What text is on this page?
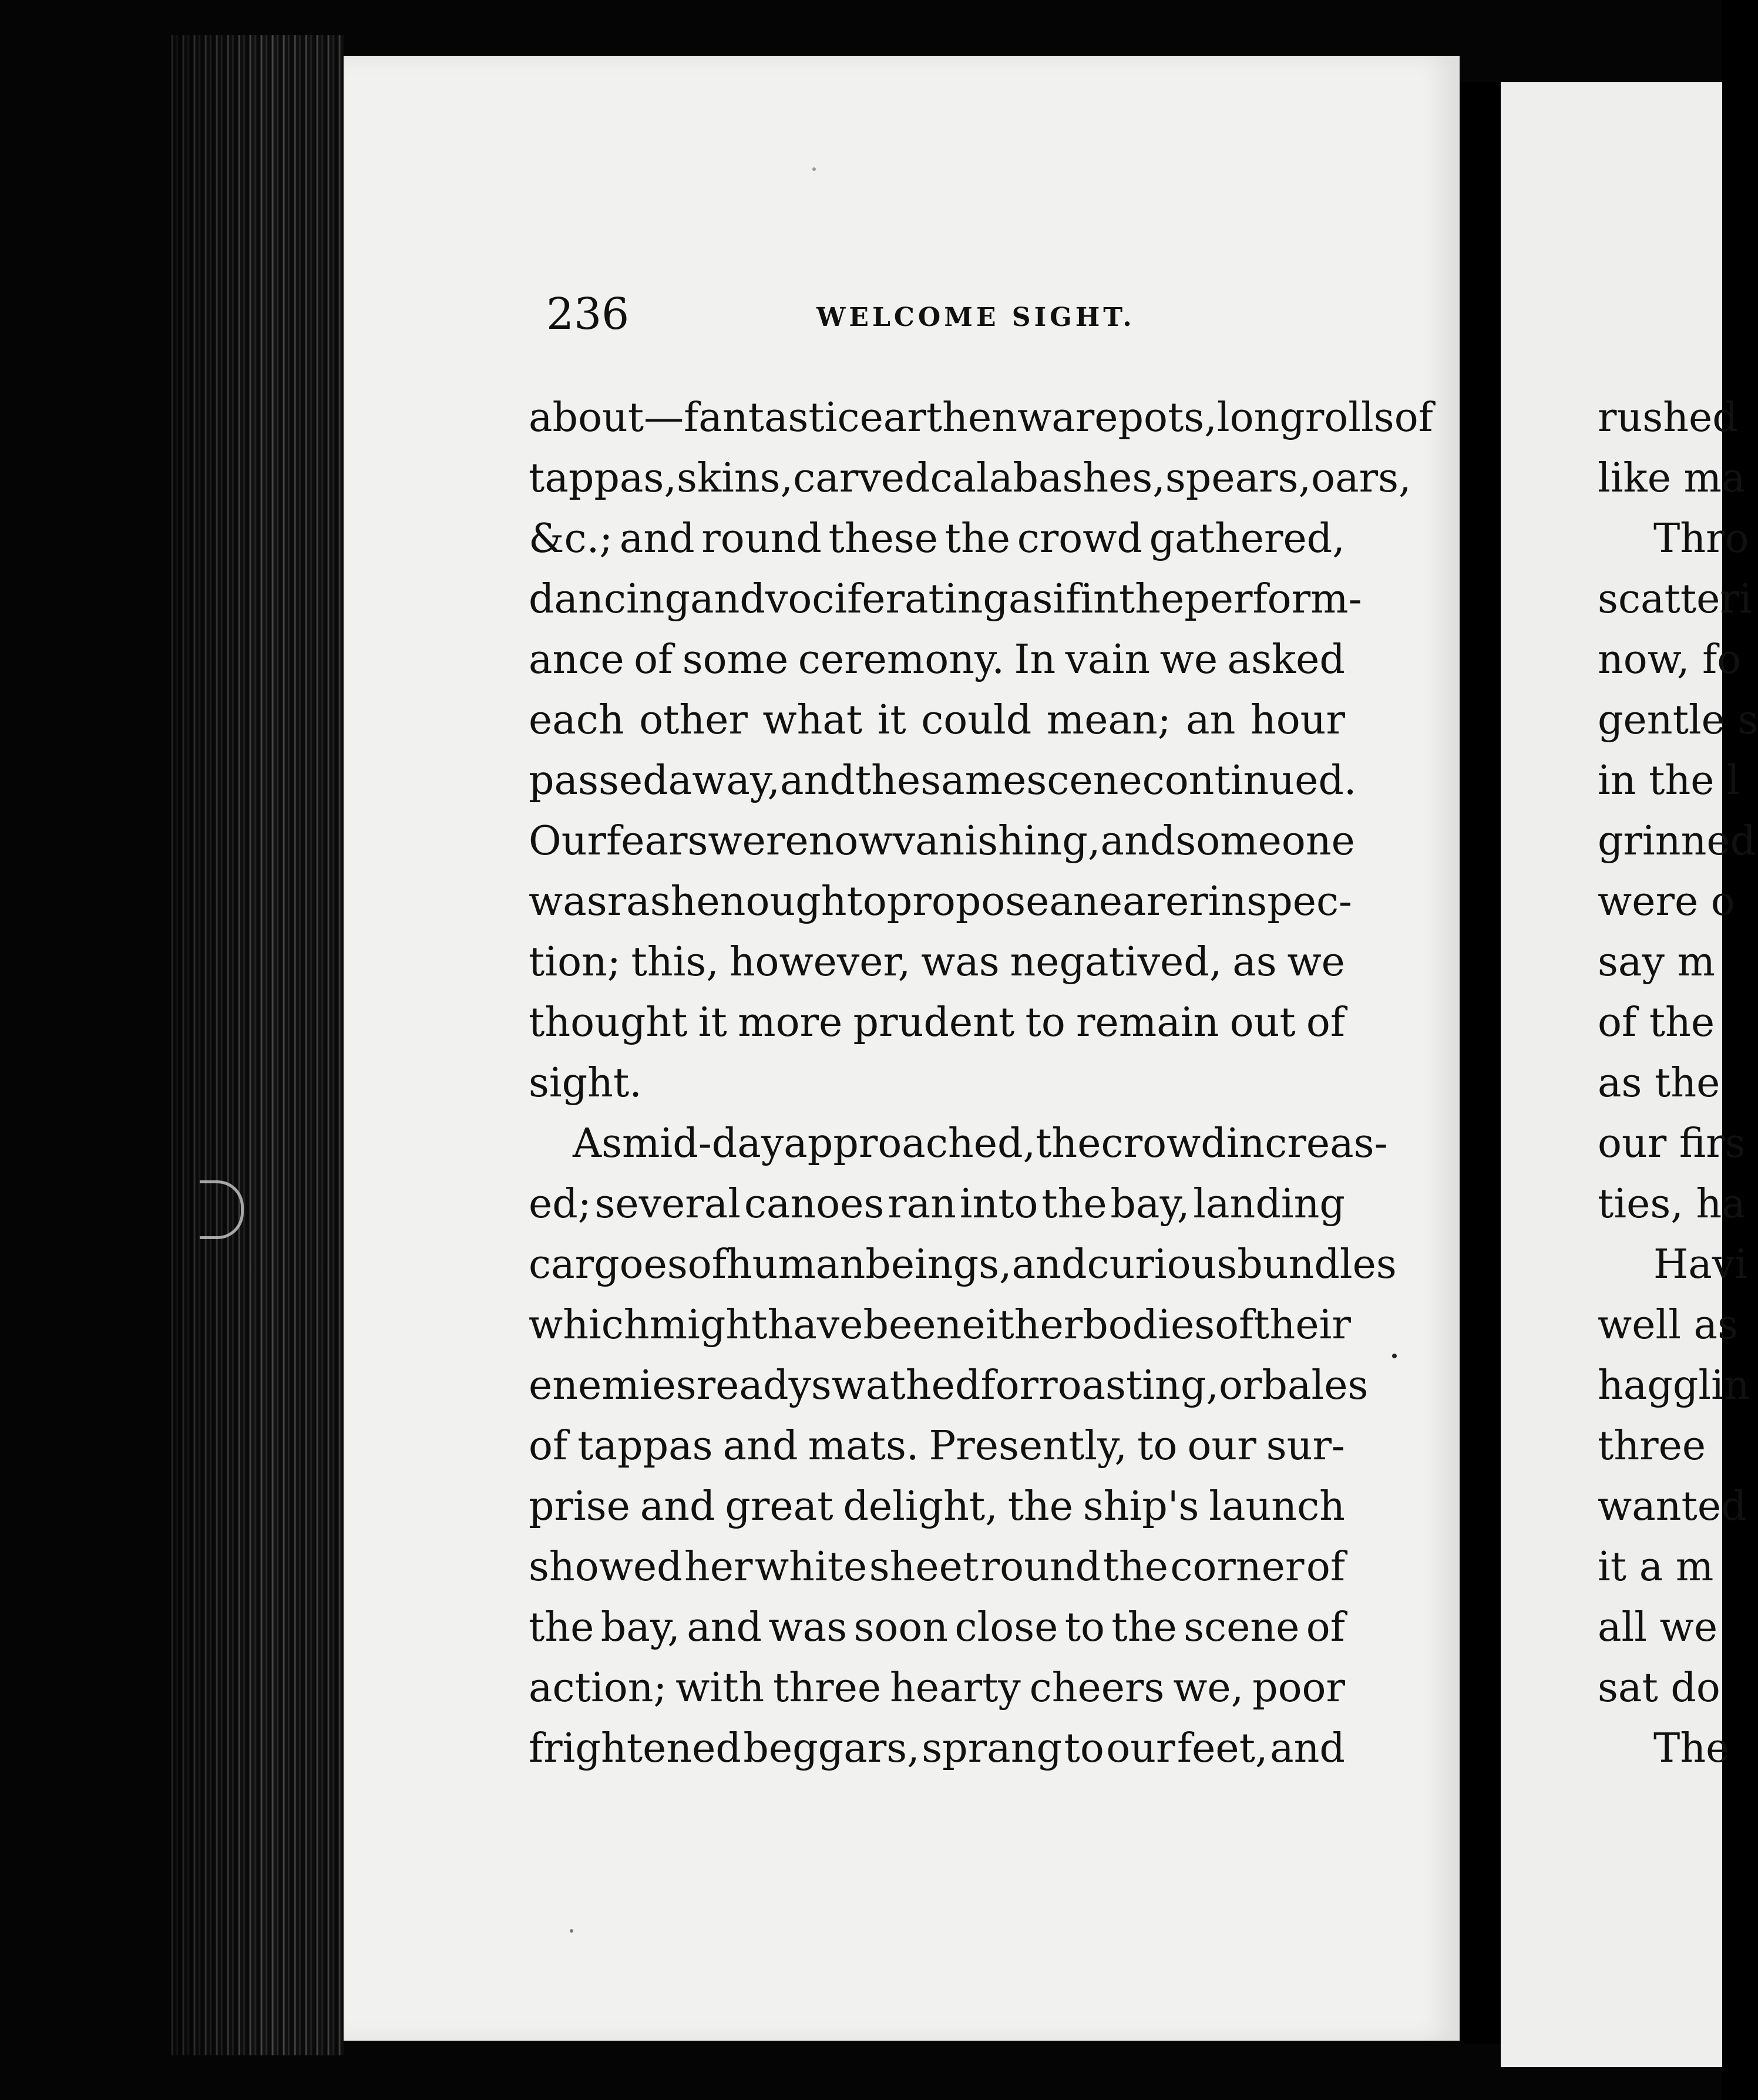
236	WELCOME SIGHT.
about—fantastic earthenware pots, long rolls of
tappas, skins, carved calabashes, spears, oars,
&c.; and round these the crowd gathered,
dancing and vociferating as if in the perform-
ance of some ceremony. In vain we asked
each other what it could mean; an hour
passed away, and the same scene continued.
Our fears were now vanishing, and some one
was rash enough to propose a nearer inspec-
tion; this, however, was negatived, as we
thought it more prudent to remain out of
sight.
As mid-day approached, the crowd increas-
ed; several canoes ran into the bay, landing
cargoes of human beings, and curious bundles
which might have been either bodies of their
enemies ready swathed for roasting, or bales
of tappas and mats. Presently, to our sur-
prise and great delight, the ship's launch
showed her white sheet round the corner of
the bay, and was soon close to the scene of
action; with three hearty cheers we, poor
frightened beggars, sprang to our feet, and
rushed
like ma
Thro
scatteri
now, fo
gentle s
in the l
grinned
were o
say m
of the
as the
our firs
ties, ha
Havi
well as
hagglin
three
wanted
it a m
all we
sat do
The
